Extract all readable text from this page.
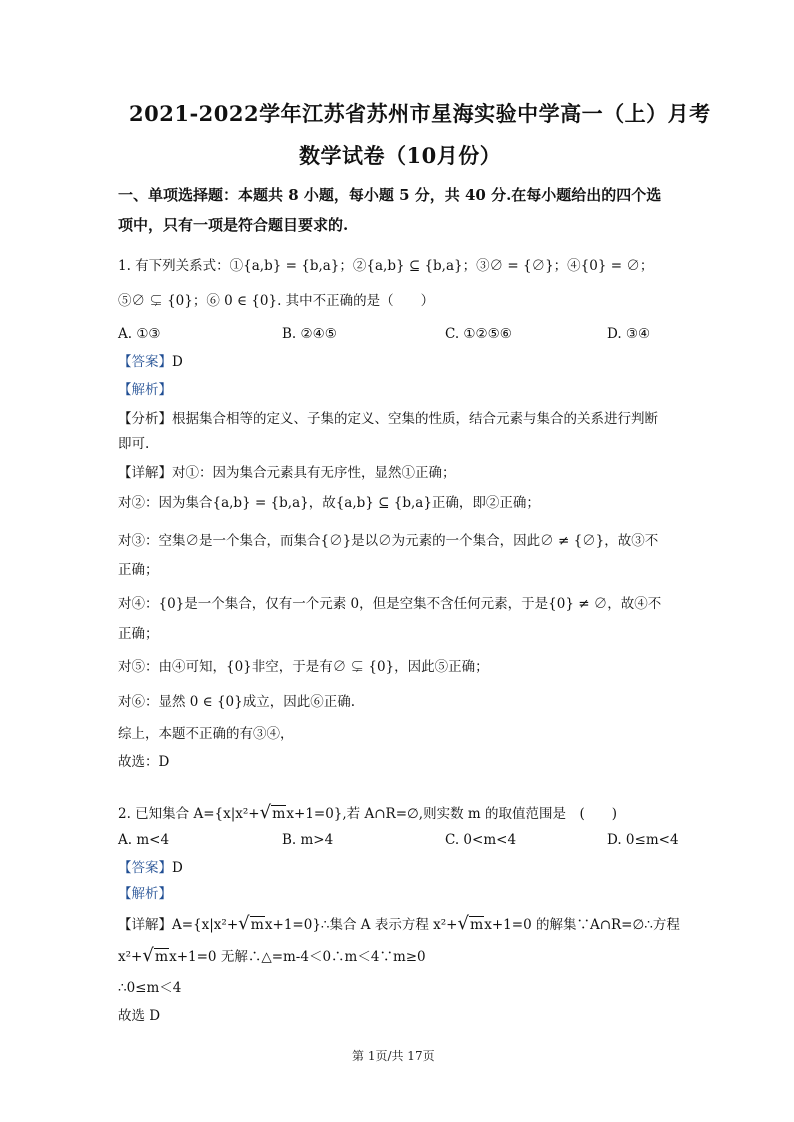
2021-2022学年江苏省苏州市星海实验中学高一（上）月考
数学试卷（10月份）
一、单项选择题：本题共 8 小题，每小题 5 分，共 40 分.在每小题给出的四个选
项中，只有一项是符合题目要求的.
1. 有下列关系式：①{a,b} = {b,a}；②{a,b} ⊆ {b,a}；③∅ = {∅}；④{0} = ∅；
⑤∅ ⊊ {0}；⑥ 0 ∈ {0}. 其中不正确的是（　　）
A. ①③	B. ②④⑤	C. ①②⑤⑥	D. ③④
【答案】D
【解析】
【分析】根据集合相等的定义、子集的定义、空集的性质，结合元素与集合的关系进行判断
即可.
【详解】对①：因为集合元素具有无序性，显然①正确；
对②：因为集合{a,b} = {b,a}，故{a,b} ⊆ {b,a}正确，即②正确；
对③：空集∅是一个集合，而集合{∅}是以∅为元素的一个集合，因此∅ ≠ {∅}，故③不
正确；
对④：{0}是一个集合，仅有一个元素 0，但是空集不含任何元素，于是{0} ≠ ∅，故④不
正确；
对⑤：由④可知，{0}非空，于是有∅ ⊊ {0}，因此⑤正确；
对⑥：显然 0 ∈ {0}成立，因此⑥正确.
综上，本题不正确的有③④，
故选：D
2. 已知集合 A={x|x²+√mx+1=0},若 A∩R=∅,则实数 m 的取值范围是　(　　)
A. m<4	B. m>4	C. 0<m<4	D. 0≤m<4
【答案】D
【解析】
【详解】A={x|x²+√mx+1=0}∴集合 A 表示方程 x²+√mx+1=0 的解集∵A∩R=∅∴方程
x²+√mx+1=0 无解∴△=m-4＜0∴m＜4∵m≥0
∴0≤m＜4
故选 D
第 1页/共 17页
